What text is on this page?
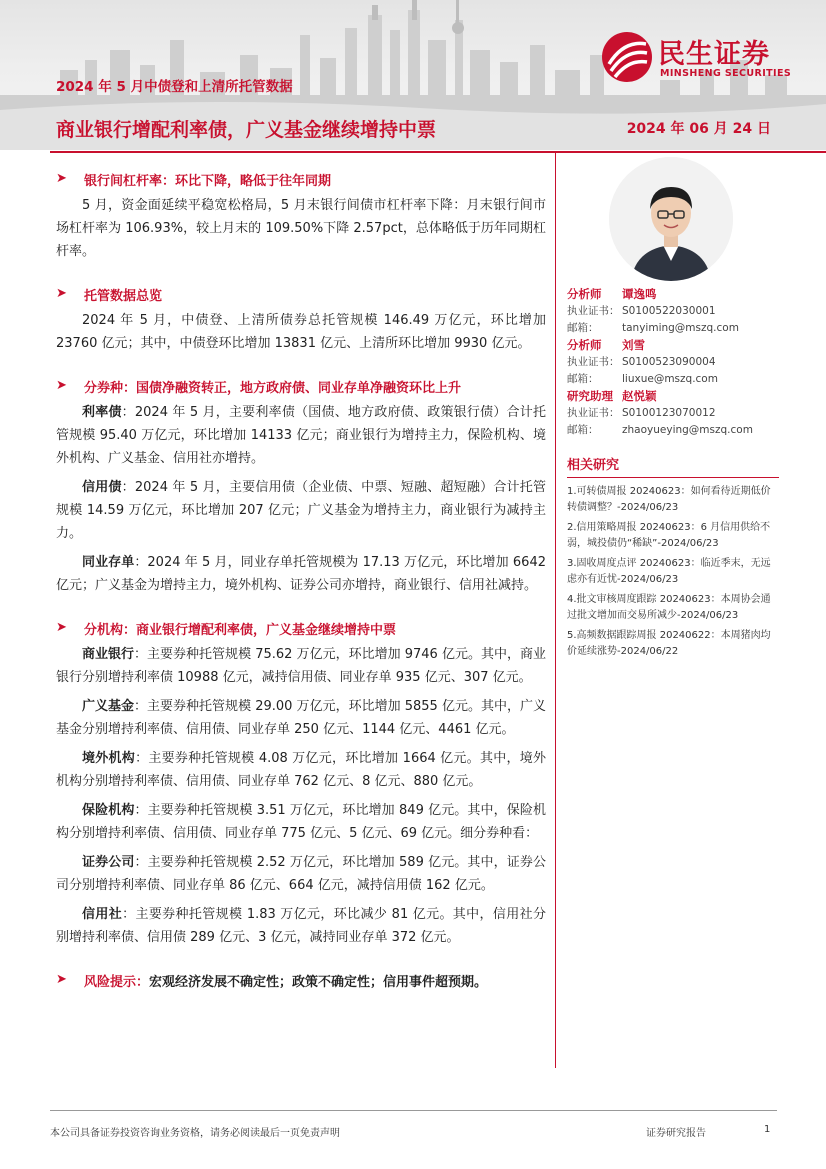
民生证券
MINSHENG SECURITIES
2024 年 5 月中债登和上清所托管数据
商业银行增配利率债，广义基金继续增持中票	2024 年 06 月 24 日
➤ 银行间杠杆率：环比下降，略低于往年同期

5 月，资金面延续平稳宽松格局，5 月末银行间债市杠杆率下降：月末银行间市场杠杆率为 106.93%，较上月末的 109.50%下降 2.57pct，总体略低于历年同期杠杆率。

➤ 托管数据总览

2024 年 5 月，中债登、上清所债券总托管规模 146.49 万亿元，环比增加 23760 亿元；其中，中债登环比增加 13831 亿元、上清所环比增加 9930 亿元。

➤ 分券种：国债净融资转正，地方政府债、同业存单净融资环比上升

利率债：2024 年 5 月，主要利率债（国债、地方政府债、政策银行债）合计托管规模 95.40 万亿元，环比增加 14133 亿元；商业银行为增持主力，保险机构、境外机构、广义基金、信用社亦增持。

信用债：2024 年 5 月，主要信用债（企业债、中票、短融、超短融）合计托管规模 14.59 万亿元，环比增加 207 亿元；广义基金为增持主力，商业银行为减持主力。

同业存单：2024 年 5 月，同业存单托管规模为 17.13 万亿元，环比增加 6642 亿元；广义基金为增持主力，境外机构、证券公司亦增持，商业银行、信用社减持。

➤ 分机构：商业银行增配利率债，广义基金继续增持中票

商业银行：主要券种托管规模 75.62 万亿元，环比增加 9746 亿元。其中，商业银行分别增持利率债 10988 亿元，减持信用债、同业存单 935 亿元、307 亿元。

广义基金：主要券种托管规模 29.00 万亿元，环比增加 5855 亿元。其中，广义基金分别增持利率债、信用债、同业存单 250 亿元、1144 亿元、4461 亿元。

境外机构：主要券种托管规模 4.08 万亿元，环比增加 1664 亿元。其中，境外机构分别增持利率债、信用债、同业存单 762 亿元、8 亿元、880 亿元。

保险机构：主要券种托管规模 3.51 万亿元，环比增加 849 亿元。其中，保险机构分别增持利率债、信用债、同业存单 775 亿元、5 亿元、69 亿元。细分券种看：

证券公司：主要券种托管规模 2.52 万亿元，环比增加 589 亿元。其中，证券公司分别增持利率债、同业存单 86 亿元、664 亿元，减持信用债 162 亿元。

信用社：主要券种托管规模 1.83 万亿元，环比减少 81 亿元。其中，信用社分别增持利率债、信用债 289 亿元、3 亿元，减持同业存单 372 亿元。

➤ 风险提示：宏观经济发展不确定性；政策不确定性；信用事件超预期。
分析师 谭逸鸣
执业证书： S0100522030001
邮箱： tanyiming@mszq.com
分析师 刘雪
执业证书： S0100523090004
邮箱： liuxue@mszq.com
研究助理 赵悦颖
执业证书： S0100123070012
邮箱： zhaoyueying@mszq.com
相关研究
1.可转债周报 20240623：如何看待近期低价转债调整？-2024/06/23
2.信用策略周报 20240623：6 月信用供给不弱，城投债仍“稀缺”-2024/06/23
3.固收周度点评 20240623：临近季末，无远虑亦有近忧-2024/06/23
4.批文审核周度跟踪 20240623：本周协会通过批文增加而交易所减少-2024/06/23
5.高频数据跟踪周报 20240622：本周猪肉均价延续涨势-2024/06/22
本公司具备证券投资咨询业务资格，请务必阅读最后一页免责声明	证券研究报告	1
